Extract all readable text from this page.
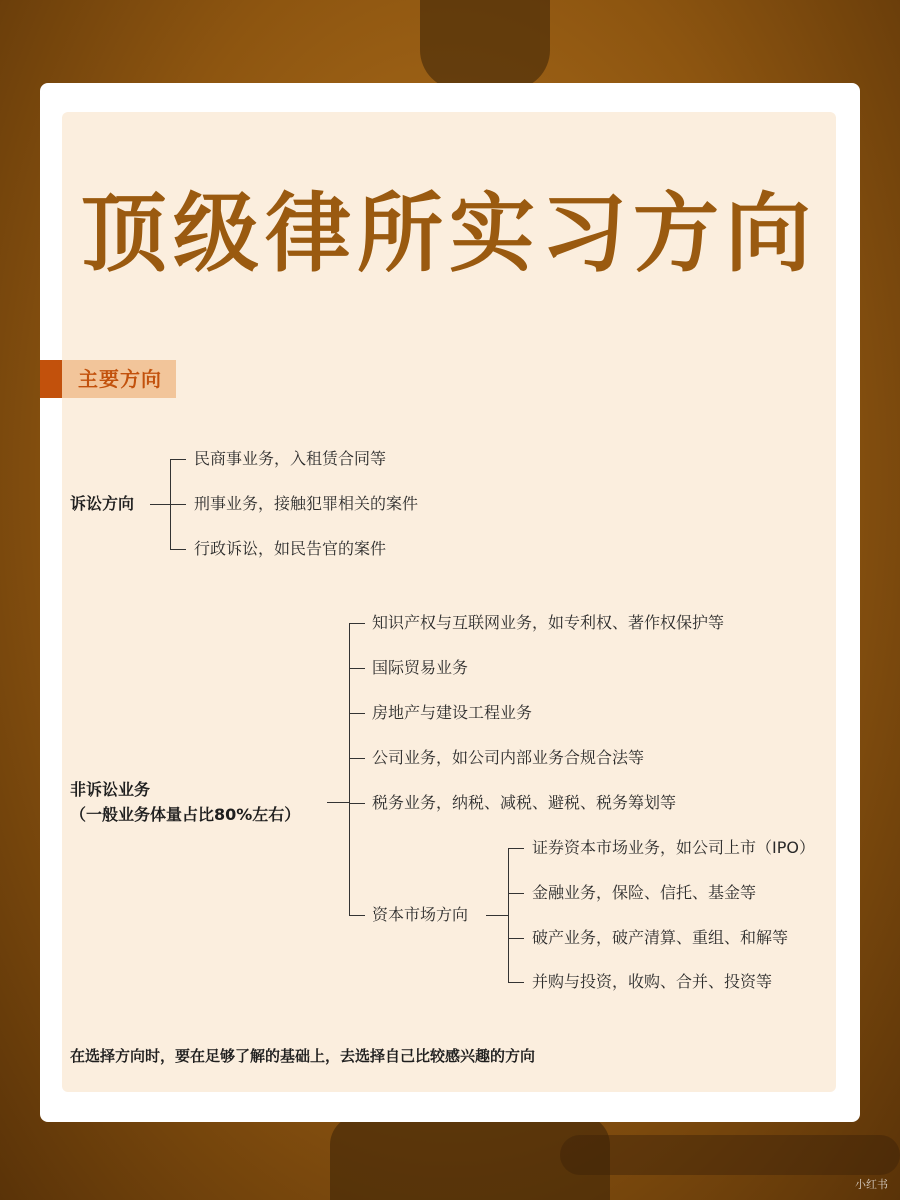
顶级律所实习方向
主要方向
诉讼方向
民商事业务，入租赁合同等
刑事业务，接触犯罪相关的案件
行政诉讼，如民告官的案件
非诉讼业务
（一般业务体量占比80%左右）
知识产权与互联网业务，如专利权、著作权保护等
国际贸易业务
房地产与建设工程业务
公司业务，如公司内部业务合规合法等
税务业务，纳税、减税、避税、税务筹划等
资本市场方向
证券资本市场业务，如公司上市（IPO）
金融业务，保险、信托、基金等
破产业务，破产清算、重组、和解等
并购与投资，收购、合并、投资等
在选择方向时，要在足够了解的基础上，去选择自己比较感兴趣的方向
小红书
